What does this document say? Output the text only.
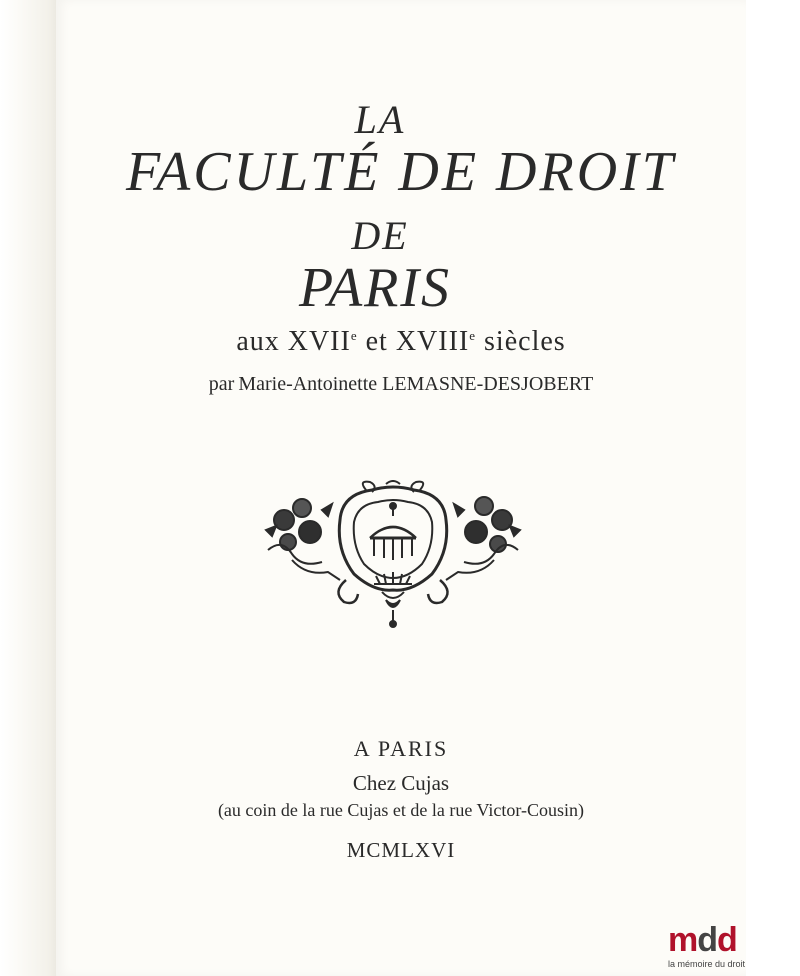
LA
FACULTÉ DE DROIT
DE
PARIS
aux XVIIe et XVIIIe siècles
par Marie-Antoinette LEMASNE-DESJOBERT
A PARIS
Chez Cujas
(au coin de la rue Cujas et de la rue Victor-Cousin)
MCMLXVI
mdd
la mémoire du droit
